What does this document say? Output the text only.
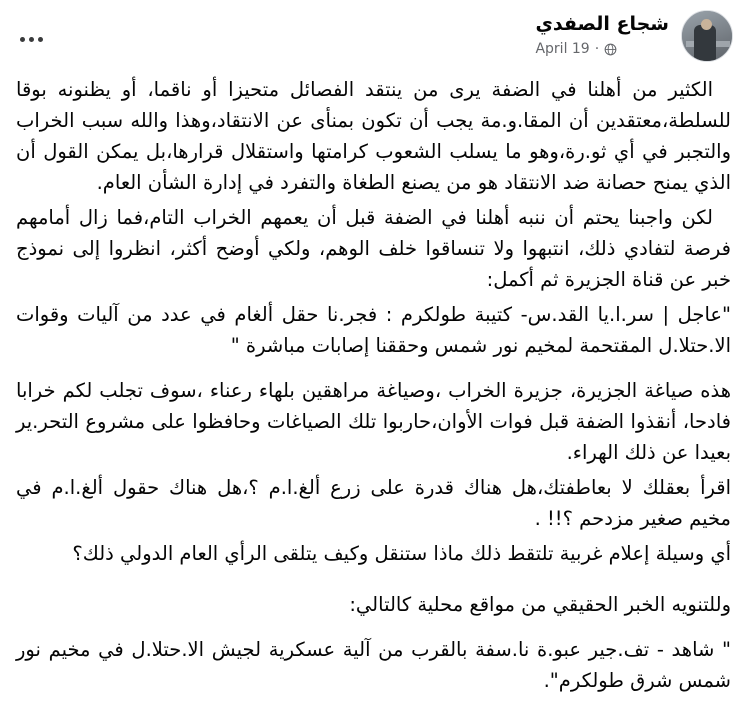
شجاع الصفدي
April 19 ·

الكثير من أهلنا في الضفة يرى من ينتقد الفصائل متحيزا أو ناقما، أو يظنونه بوقا للسلطة،معتقدين أن المقا.و.مة يجب أن تكون بمنأى عن الانتقاد،وهذا والله سبب الخراب والتجبر في أي ثو.رة،وهو ما يسلب الشعوب كرامتها واستقلال قرارها،بل يمكن القول أن الذي يمنح حصانة ضد الانتقاد هو من يصنع الطغاة والتفرد في إدارة الشأن العام.

لكن واجبنا يحتم أن ننبه أهلنا في الضفة قبل أن يعمهم الخراب التام،فما زال أمامهم فرصة لتفادي ذلك، انتبهوا ولا تنساقوا خلف الوهم، ولكي أوضح أكثر، انظروا إلى نموذج خبر عن قناة الجزيرة ثم أكمل:

"عاجل | سر.ا.يا القد.س- كتيبة طولكرم : فجر.نا حقل ألغام في عدد من آليات وقوات الا.حتلا.ل المقتحمة لمخيم نور شمس وحققنا إصابات مباشرة "

هذه صياغة الجزيرة، جزيرة الخراب ،وصياغة مراهقين بلهاء رعناء ،سوف تجلب لكم خرابا فادحا، أنقذوا الضفة قبل فوات الأوان،حاربوا تلك الصياغات وحافظوا على مشروع التحر.ير بعيدا عن ذلك الهراء.

اقرأ بعقلك لا بعاطفتك،هل هناك قدرة على زرع ألغ.ا.م ؟،هل هناك حقول ألغ.ا.م في مخيم صغير مزدحم ؟!! .

أي وسيلة إعلام غربية تلتقط ذلك ماذا ستنقل وكيف يتلقى الرأي العام الدولي ذلك؟

وللتنويه الخبر الحقيقي من مواقع محلية كالتالي:

" شاهد - تف.جير عبو.ة نا.سفة بالقرب من آلية عسكرية لجيش الا.حتلا.ل في مخيم نور شمس شرق طولكرم".
